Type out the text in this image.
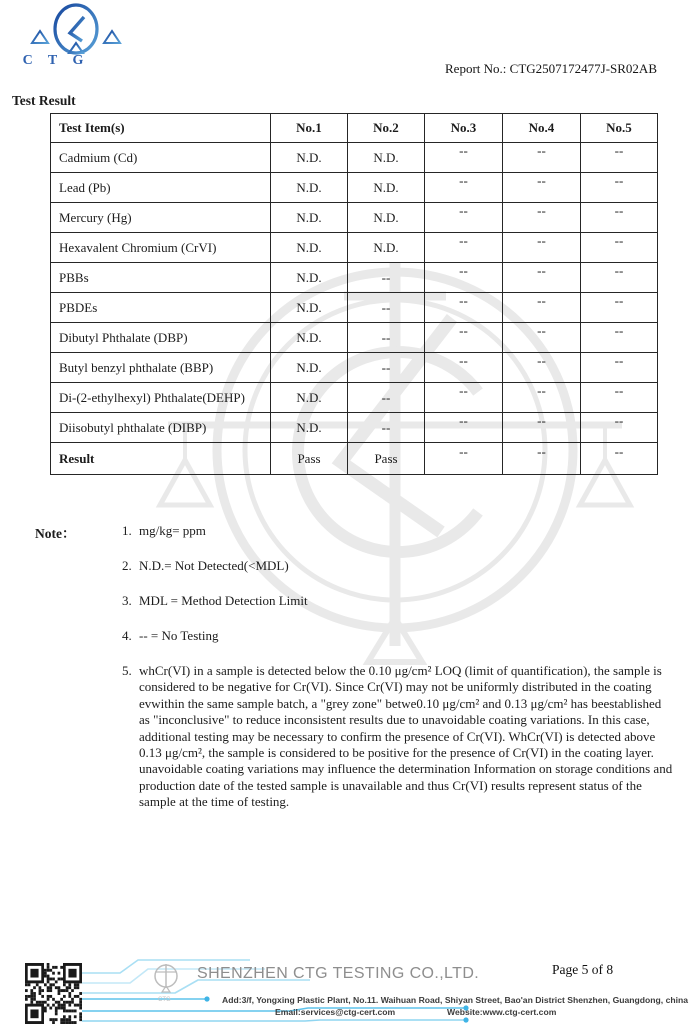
C T G
Report No.: CTG2507172477J-SR02AB
Test Result
Test Item(s)	No.1	No.2	No.3	No.4	No.5
Cadmium (Cd)	N.D.	N.D.	--	--	--
Lead (Pb)	N.D.	N.D.	--	--	--
Mercury (Hg)	N.D.	N.D.	--	--	--
Hexavalent Chromium (CrVI)	N.D.	N.D.	--	--	--
PBBs	N.D.	--	--	--	--
PBDEs	N.D.	--	--	--	--
Dibutyl Phthalate (DBP)	N.D.	--	--	--	--
Butyl benzyl phthalate (BBP)	N.D.	--	--	--	--
Di-(2-ethylhexyl) Phthalate(DEHP)	N.D.	--	--	--	--
Diisobutyl phthalate (DIBP)	N.D.	--	--	--	--
Result	Pass	Pass	--	--	--
Note：	1. mg/kg= ppm
2. N.D.= Not Detected(<MDL)
3. MDL = Method Detection Limit
4. -- = No Testing
5. whCr(VI) in a sample is detected below the 0.10 μg/cm² LOQ (limit of quantification), the sample is considered to be negative for Cr(VI). Since Cr(VI) may not be uniformly distributed in the coating evwithin the same sample batch, a "grey zone" betwe0.10 μg/cm² and 0.13 μg/cm² has beestablished as "inconclusive" to reduce inconsistent results due to unavoidable coating variations. In this case, additional testing may be necessary to confirm the presence of Cr(VI). WhCr(VI) is detected above 0.13 μg/cm², the sample is considered to be positive for the presence of Cr(VI) in the coating layer. unavoidable coating variations may influence the determination Information on storage conditions and production date of the tested sample is unavailable and thus Cr(VI) results represent status of the sample at the time of testing.
CTG
SHENZHEN CTG TESTING CO.,LTD.
Add:3/f, Yongxing Plastic Plant, No.11. Waihuan Road, Shiyan Street, Bao'an District Shenzhen, Guangdong, china
Email:services@ctg-cert.com	Website:www.ctg-cert.com
Page 5 of 8
